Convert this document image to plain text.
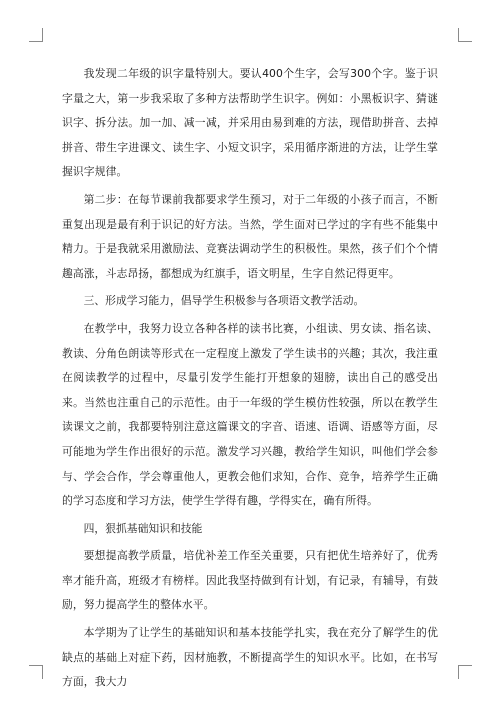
我发现二年级的识字量特别大。要认400个生字，会写300个字。鉴于识字量之大，第一步我采取了多种方法帮助学生识字。例如：小黑板识字、猜谜识字、拆分法。加一加、减一减，并采用由易到难的方法，现借助拼音、去掉拼音、带生字进课文、读生字、小短文识字，采用循序渐进的方法，让学生掌握识字规律。

第二步：在每节课前我都要求学生预习，对于二年级的小孩子而言，不断重复出现是最有利于识记的好方法。当然，学生面对已学过的字有些不能集中精力。于是我就采用激励法、竞赛法调动学生的积极性。果然，孩子们个个情趣高涨，斗志昂扬，都想成为红旗手，语文明星，生字自然记得更牢。

三、形成学习能力，倡导学生积极参与各项语文教学活动。

在教学中，我努力设立各种各样的读书比赛，小组读、男女读、指名读、教读、分角色朗读等形式在一定程度上激发了学生读书的兴趣；其次，我注重在阅读教学的过程中，尽量引发学生能打开想象的翅膀，读出自己的感受出来。当然也注重自己的示范性。由于一年级的学生模仿性较强，所以在教学生读课文之前，我都要特别注意这篇课文的字音、语速、语调、语感等方面，尽可能地为学生作出很好的示范。激发学习兴趣，教给学生知识，叫他们学会参与、学会合作，学会尊重他人，更教会他们求知，合作、竞争，培养学生正确的学习态度和学习方法，使学生学得有趣，学得实在，确有所得。

四，狠抓基础知识和技能

要想提高教学质量，培优补差工作至关重要，只有把优生培养好了，优秀率才能升高，班级才有榜样。因此我坚持做到有计划，有记录，有辅导，有鼓励，努力提高学生的整体水平。

本学期为了让学生的基础知识和基本技能学扎实，我在充分了解学生的优缺点的基础上对症下药，因材施教，不断提高学生的知识水平。比如，在书写方面，我大力
